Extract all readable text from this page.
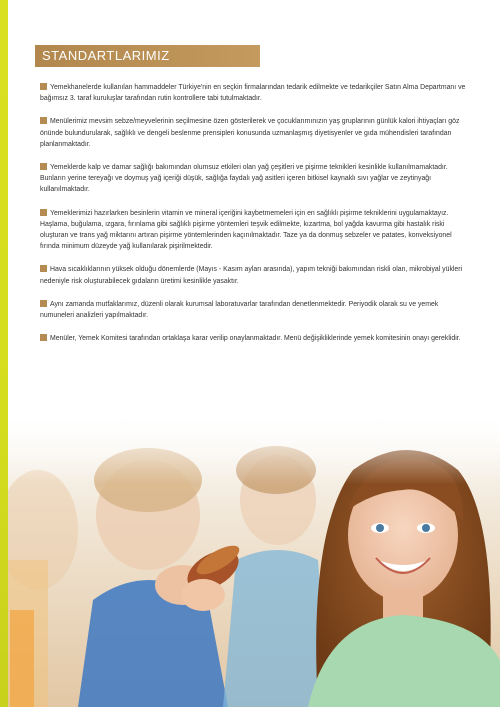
STANDARTLARIMIZ

Yemekhanelerde kullanılan hammaddeler Türkiye'nin en seçkin firmalarından tedarik edilmekte ve tedarikçiler Satın Alma Departmanı ve bağımsız 3. taraf kuruluşlar tarafından rutin kontrollere tabi tutulmaktadır.

Menülerimiz mevsim sebze/meyvelerinin seçilmesine özen gösterilerek ve çocuklarımınızın yaş gruplarının günlük kalori ihtiyaçları göz önünde bulundurularak, sağlıklı ve dengeli beslenme prensipleri konusunda uzmanlaşmış diyetisyenler ve gıda mühendisleri tarafından planlanmaktadır.

Yemeklerde kalp ve damar sağlığı bakımından olumsuz etkileri olan yağ çeşitleri ve pişirme teknikleri kesinlikle kullanılmamaktadır. Bunların yerine tereyağı ve doymuş yağ içeriği düşük, sağlığa faydalı yağ asitleri içeren bitkisel kaynaklı sıvı yağlar ve zeytinyağı kullanılmaktadır.

Yemeklerimizi hazırlarken besinlerin vitamin ve mineral içeriğini kaybetmemeleri için en sağlıklı pişirme tekniklerini uygulamaktayız. Haşlama, buğulama, ızgara, fırınlama gibi sağlıklı pişirme yöntemleri teşvik edilmekte, kızartma, bol yağda kavurma gibi hastalık riski oluşturan ve trans yağ miktarını artıran pişirme yöntemlerinden kaçınılmaktadır. Taze ya da donmuş sebzeler ve patates, konveksiyonel fırında minimum düzeyde yağ kullanılarak pişirilmektedir.

Hava sıcaklıklarının yüksek olduğu dönemlerde (Mayıs - Kasım ayları arasında), yapım tekniği bakımından riskli olan, mikrobiyal yükleri nedeniyle risk oluşturabilecek gıdaların üretimi kesinlikle yasaktır.

Aynı zamanda mutfaklarımız, düzenli olarak kurumsal laboratuvarlar tarafından denetlenmektedir. Periyodik olarak su ve yemek numuneleri analizleri yapılmaktadır.

Menüler, Yemek Komitesi tarafından ortaklaşa karar verilip onaylanmaktadır. Menü değişikliklerinde yemek komitesinin onayı gereklidir.
